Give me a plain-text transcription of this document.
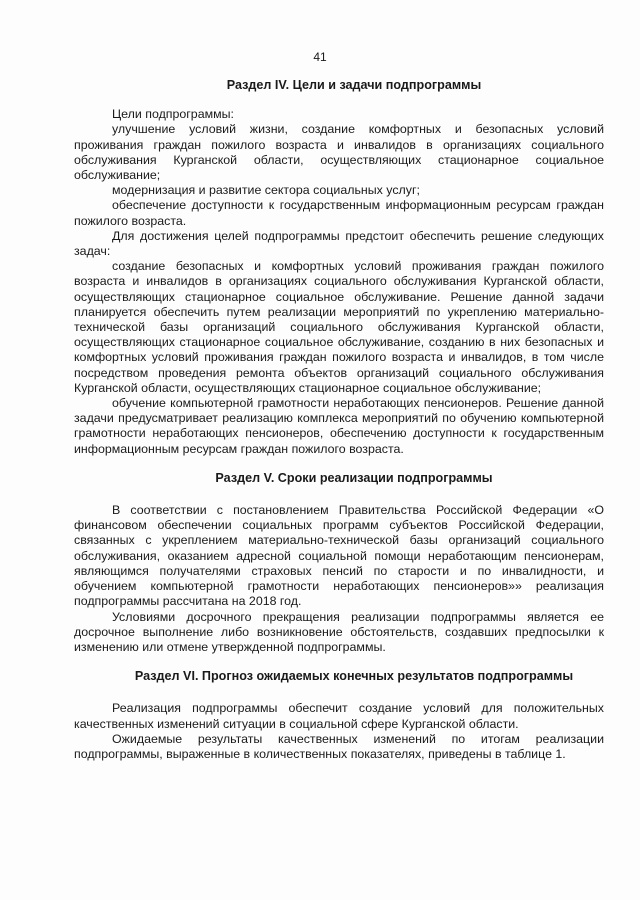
41
Раздел IV. Цели и задачи подпрограммы

Цели подпрограммы:

улучшение условий жизни, создание комфортных и безопасных условий проживания граждан пожилого возраста и инвалидов в организациях социального обслуживания Курганской области, осуществляющих стационарное социальное обслуживание;

модернизация и развитие сектора социальных услуг;

обеспечение доступности к государственным информационным ресурсам граждан пожилого возраста.

Для достижения целей подпрограммы предстоит обеспечить решение следующих задач:

создание безопасных и комфортных условий проживания граждан пожилого возраста и инвалидов в организациях социального обслуживания Курганской области, осуществляющих стационарное социальное обслуживание. Решение данной задачи планируется обеспечить путем реализации мероприятий по укреплению материально-технической базы организаций социального обслуживания Курганской области, осуществляющих стационарное социальное обслуживание, созданию в них безопасных и комфортных условий проживания граждан пожилого возраста и инвалидов, в том числе посредством проведения ремонта объектов организаций социального обслуживания Курганской области, осуществляющих стационарное социальное обслуживание;

обучение компьютерной грамотности неработающих пенсионеров. Решение данной задачи предусматривает реализацию комплекса мероприятий по обучению компьютерной грамотности неработающих пенсионеров, обеспечению доступности к государственным информационным ресурсам граждан пожилого возраста.

Раздел V. Сроки реализации подпрограммы

В соответствии с постановлением Правительства Российской Федерации «О финансовом обеспечении социальных программ субъектов Российской Федерации, связанных с укреплением материально-технической базы организаций социального обслуживания, оказанием адресной социальной помощи неработающим пенсионерам, являющимся получателями страховых пенсий по старости и по инвалидности, и обучением компьютерной грамотности неработающих пенсионеров»» реализация подпрограммы рассчитана на 2018 год.

Условиями досрочного прекращения реализации подпрограммы является ее досрочное выполнение либо возникновение обстоятельств, создавших предпосылки к изменению или отмене утвержденной подпрограммы.

Раздел VI. Прогноз ожидаемых конечных результатов подпрограммы

Реализация подпрограммы обеспечит создание условий для положительных качественных изменений ситуации в социальной сфере Курганской области.

Ожидаемые результаты качественных изменений по итогам реализации подпрограммы, выраженные в количественных показателях, приведены в таблице 1.
